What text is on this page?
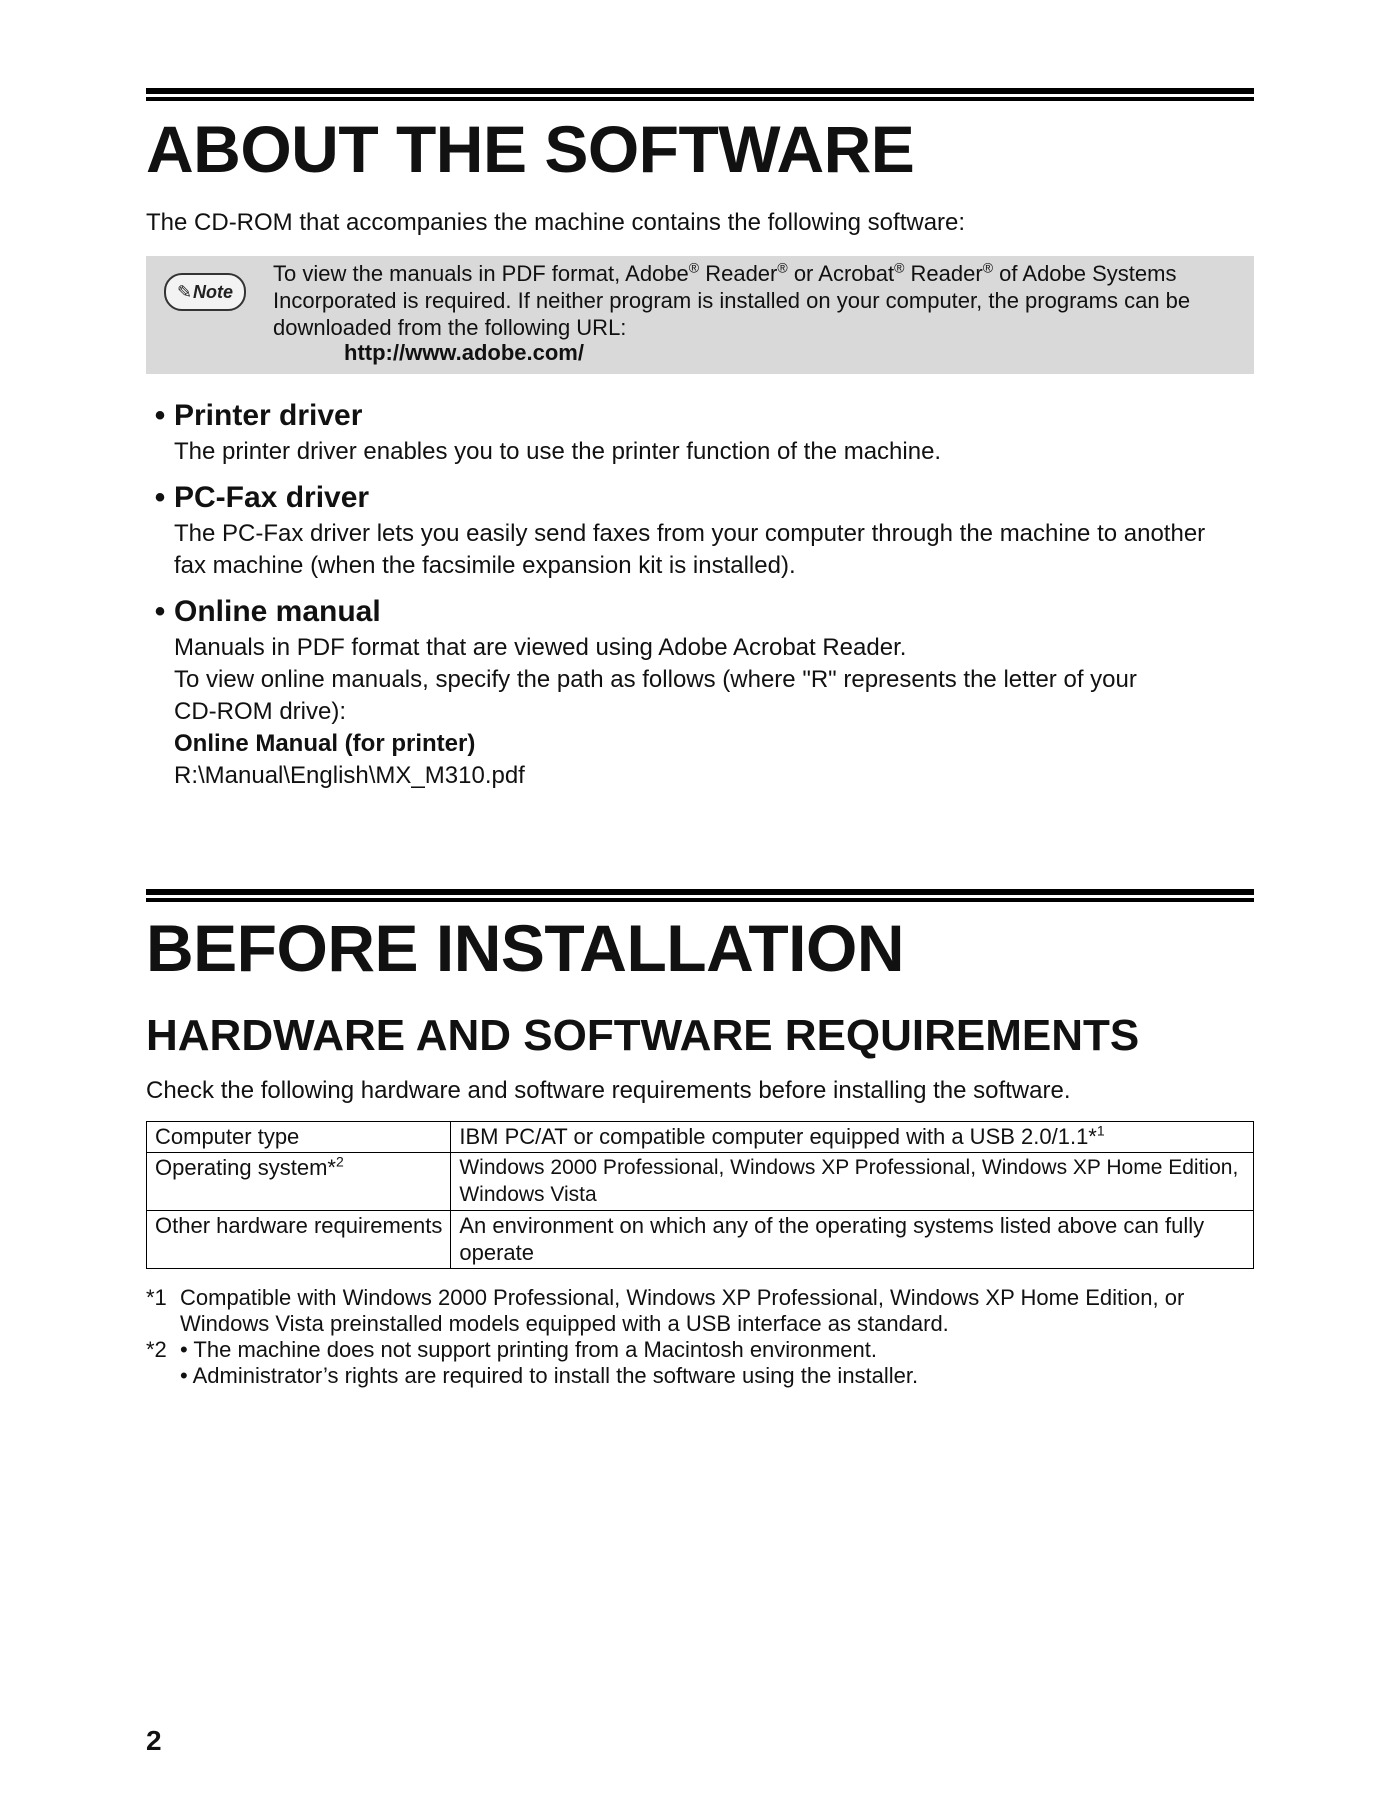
ABOUT THE SOFTWARE

The CD-ROM that accompanies the machine contains the following software:

✎Note
To view the manuals in PDF format, Adobe® Reader® or Acrobat® Reader® of Adobe Systems
Incorporated is required. If neither program is installed on your computer, the programs can be
downloaded from the following URL:
http://www.adobe.com/
• Printer driver
The printer driver enables you to use the printer function of the machine.
• PC-Fax driver
The PC-Fax driver lets you easily send faxes from your computer through the machine to another
fax machine (when the facsimile expansion kit is installed).
• Online manual
Manuals in PDF format that are viewed using Adobe Acrobat Reader.
To view online manuals, specify the path as follows (where "R" represents the letter of your
CD-ROM drive):
Online Manual (for printer)
R:\Manual\English\MX_M310.pdf
BEFORE INSTALLATION
HARDWARE AND SOFTWARE REQUIREMENTS

Check the following hardware and software requirements before installing the software.

Computer type	IBM PC/AT or compatible computer equipped with a USB 2.0/1.1*$^1$
Operating system*$^2$	Windows 2000 Professional, Windows XP Professional, Windows XP Home Edition, Windows Vista
Other hardware requirements	An environment on which any of the operating systems listed above can fully operate
*1 Compatible with Windows 2000 Professional, Windows XP Professional, Windows XP Home Edition, or
Windows Vista preinstalled models equipped with a USB interface as standard.
*2 • The machine does not support printing from a Macintosh environment.
• Administrator’s rights are required to install the software using the installer.
2
